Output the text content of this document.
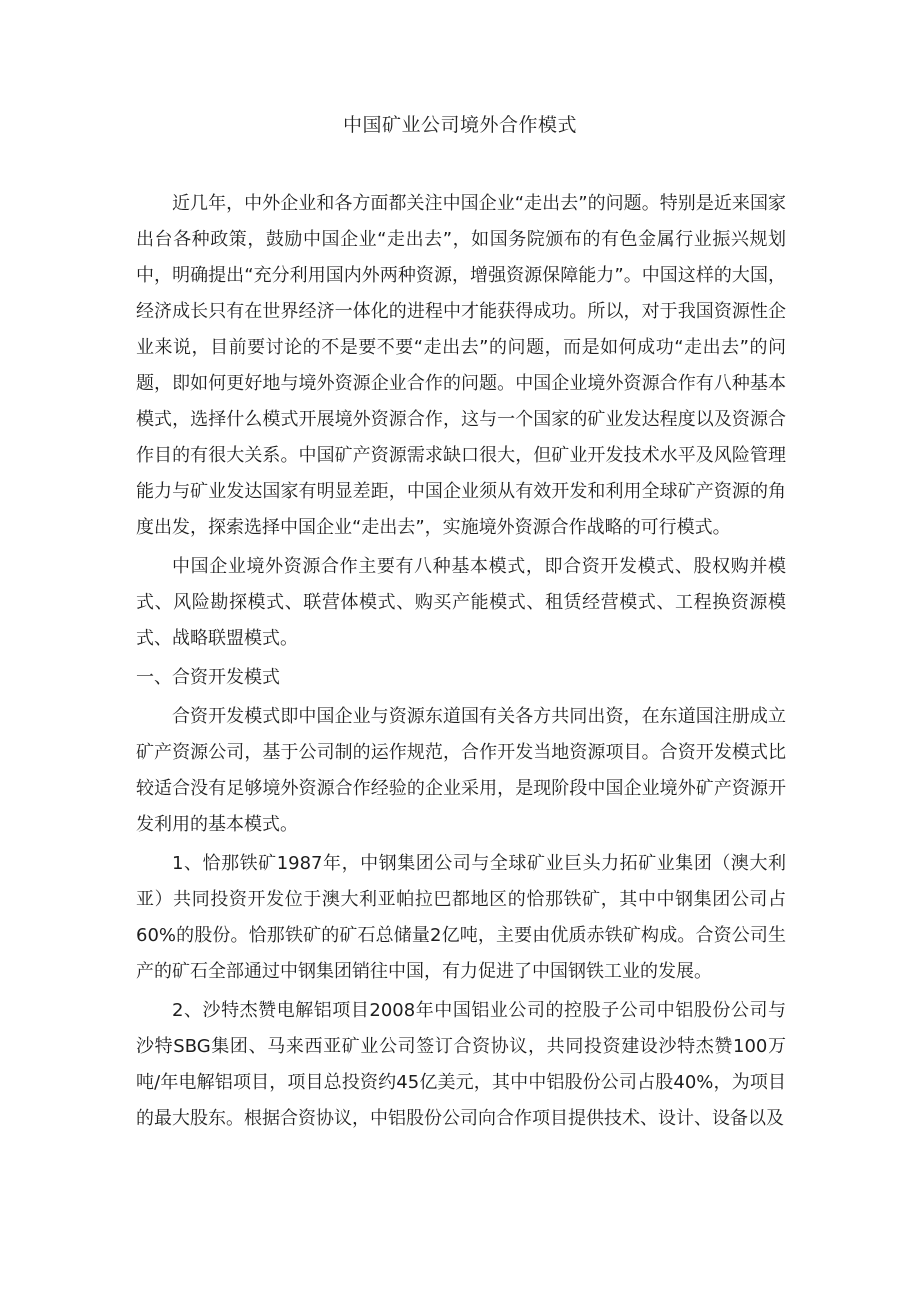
中国矿业公司境外合作模式

近几年，中外企业和各方面都关注中国企业“走出去”的问题。特别是近来国家出台各种政策，鼓励中国企业“走出去”，如国务院颁布的有色金属行业振兴规划中，明确提出“充分利用国内外两种资源，增强资源保障能力”。中国这样的大国，经济成长只有在世界经济一体化的进程中才能获得成功。所以，对于我国资源性企业来说，目前要讨论的不是要不要“走出去”的问题，而是如何成功“走出去”的问题，即如何更好地与境外资源企业合作的问题。中国企业境外资源合作有八种基本模式，选择什么模式开展境外资源合作，这与一个国家的矿业发达程度以及资源合作目的有很大关系。中国矿产资源需求缺口很大，但矿业开发技术水平及风险管理能力与矿业发达国家有明显差距，中国企业须从有效开发和利用全球矿产资源的角度出发，探索选择中国企业“走出去”，实施境外资源合作战略的可行模式。

中国企业境外资源合作主要有八种基本模式，即合资开发模式、股权购并模式、风险勘探模式、联营体模式、购买产能模式、租赁经营模式、工程换资源模式、战略联盟模式。

一、合资开发模式

合资开发模式即中国企业与资源东道国有关各方共同出资，在东道国注册成立矿产资源公司，基于公司制的运作规范，合作开发当地资源项目。合资开发模式比较适合没有足够境外资源合作经验的企业采用，是现阶段中国企业境外矿产资源开发利用的基本模式。

1、恰那铁矿1987年，中钢集团公司与全球矿业巨头力拓矿业集团（澳大利亚）共同投资开发位于澳大利亚帕拉巴都地区的恰那铁矿，其中中钢集团公司占60%的股份。恰那铁矿的矿石总储量2亿吨，主要由优质赤铁矿构成。合资公司生产的矿石全部通过中钢集团销往中国，有力促进了中国钢铁工业的发展。

2、沙特杰赞电解铝项目2008年中国铝业公司的控股子公司中铝股份公司与沙特SBG集团、马来西亚矿业公司签订合资协议，共同投资建设沙特杰赞100万吨/年电解铝项目，项目总投资约45亿美元，其中中铝股份公司占股40%，为项目的最大股东。根据合资协议，中铝股份公司向合作项目提供技术、设计、设备以及
